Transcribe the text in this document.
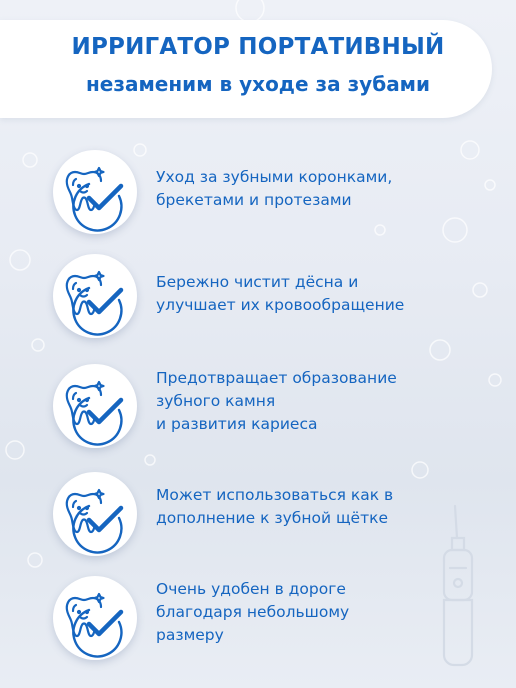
ИРРИГАТОР ПОРТАТИВНЫЙ
незаменим в уходе за зубами
Уход за зубными коронками,
брекетами и протезами
Бережно чистит дёсна и
улучшает их кровообращение
Предотвращает образование
зубного камня
и развития кариеса
Может использоваться как в
дополнение к зубной щётке
Очень удобен в дороге
благодаря небольшому
размеру
